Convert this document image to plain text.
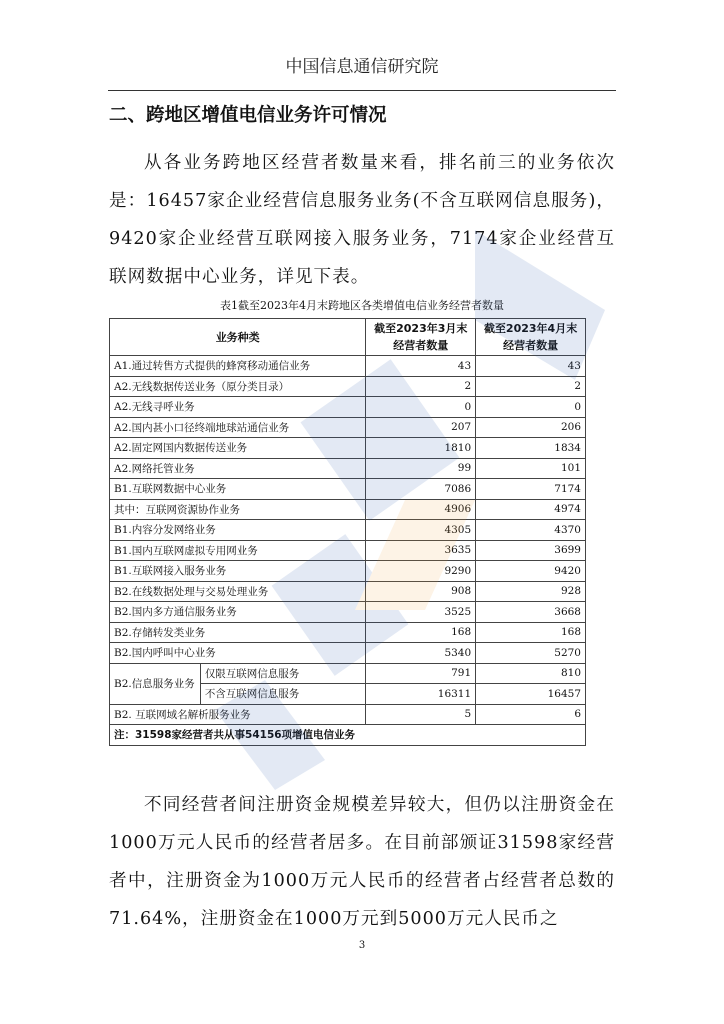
中国信息通信研究院
二、跨地区增值电信业务许可情况

从各业务跨地区经营者数量来看，排名前三的业务依次是：16457家企业经营信息服务业务(不含互联网信息服务)，9420家企业经营互联网接入服务业务，7174家企业经营互联网数据中心业务，详见下表。

表1截至2023年4月末跨地区各类增值电信业务经营者数量
业务种类		截至2023年3月末经营者数量	截至2023年4月末经营者数量
A1.通过转售方式提供的蜂窝移动通信业务		43	43
A2.无线数据传送业务（原分类目录）		2	2
A2.无线寻呼业务		0	0
A2.国内甚小口径终端地球站通信业务		207	206
A2.固定网国内数据传送业务		1810	1834
A2.网络托管业务		99	101
B1.互联网数据中心业务		7086	7174
其中：互联网资源协作业务		4906	4974
B1.内容分发网络业务		4305	4370
B1.国内互联网虚拟专用网业务		3635	3699
B1.互联网接入服务业务		9290	9420
B2.在线数据处理与交易处理业务		908	928
B2.国内多方通信服务业务		3525	3668
B2.存储转发类业务		168	168
B2.国内呼叫中心业务		5340	5270
B2.信息服务业务	仅限互联网信息服务	791	810
	不含互联网信息服务	16311	16457
B2. 互联网域名解析服务业务		5	6
注：31598家经营者共从事54156项增值电信业务			

不同经营者间注册资金规模差异较大，但仍以注册资金在1000万元人民币的经营者居多。在目前部颁证31598家经营者中，注册资金为1000万元人民币的经营者占经营者总数的71.64%，注册资金在1000万元到5000万元人民币之

3
